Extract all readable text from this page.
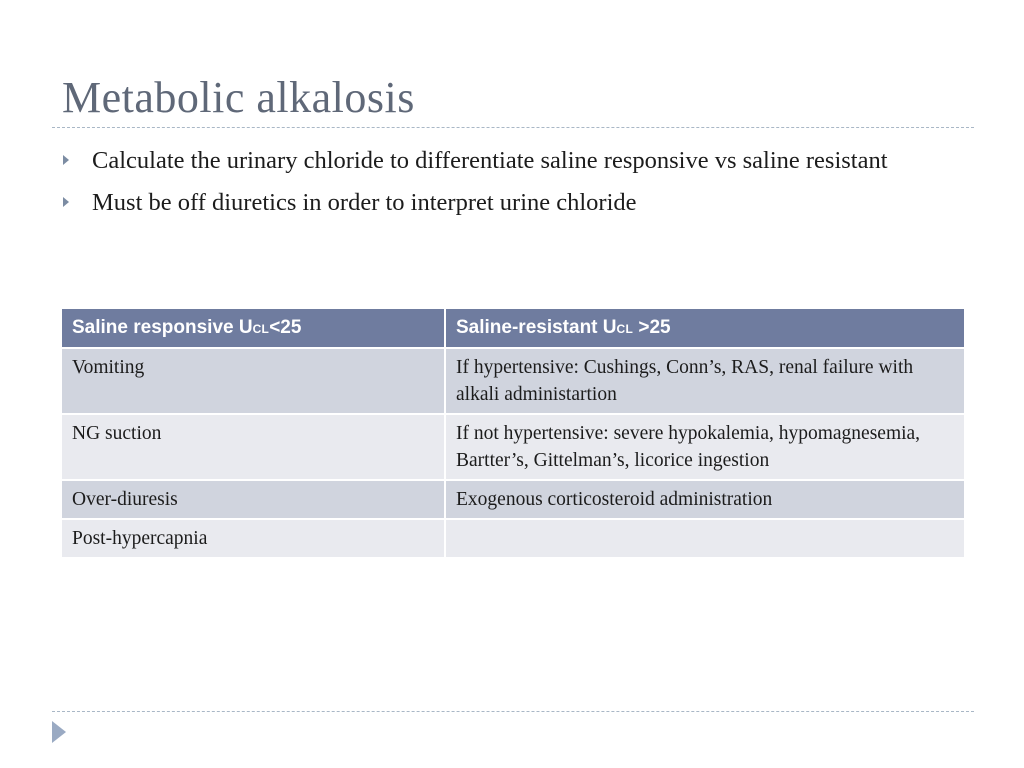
Metabolic alkalosis
Calculate the urinary chloride to differentiate saline responsive vs saline resistant
Must be off diuretics in order to interpret urine chloride
Saline responsive UCL<25	Saline-resistant UCL >25
Vomiting	If hypertensive: Cushings, Conn’s, RAS, renal failure with alkali administartion
NG suction	If not hypertensive: severe hypokalemia, hypomagnesemia, Bartter’s, Gittelman’s, licorice ingestion
Over-diuresis	Exogenous corticosteroid administration
Post-hypercapnia	
